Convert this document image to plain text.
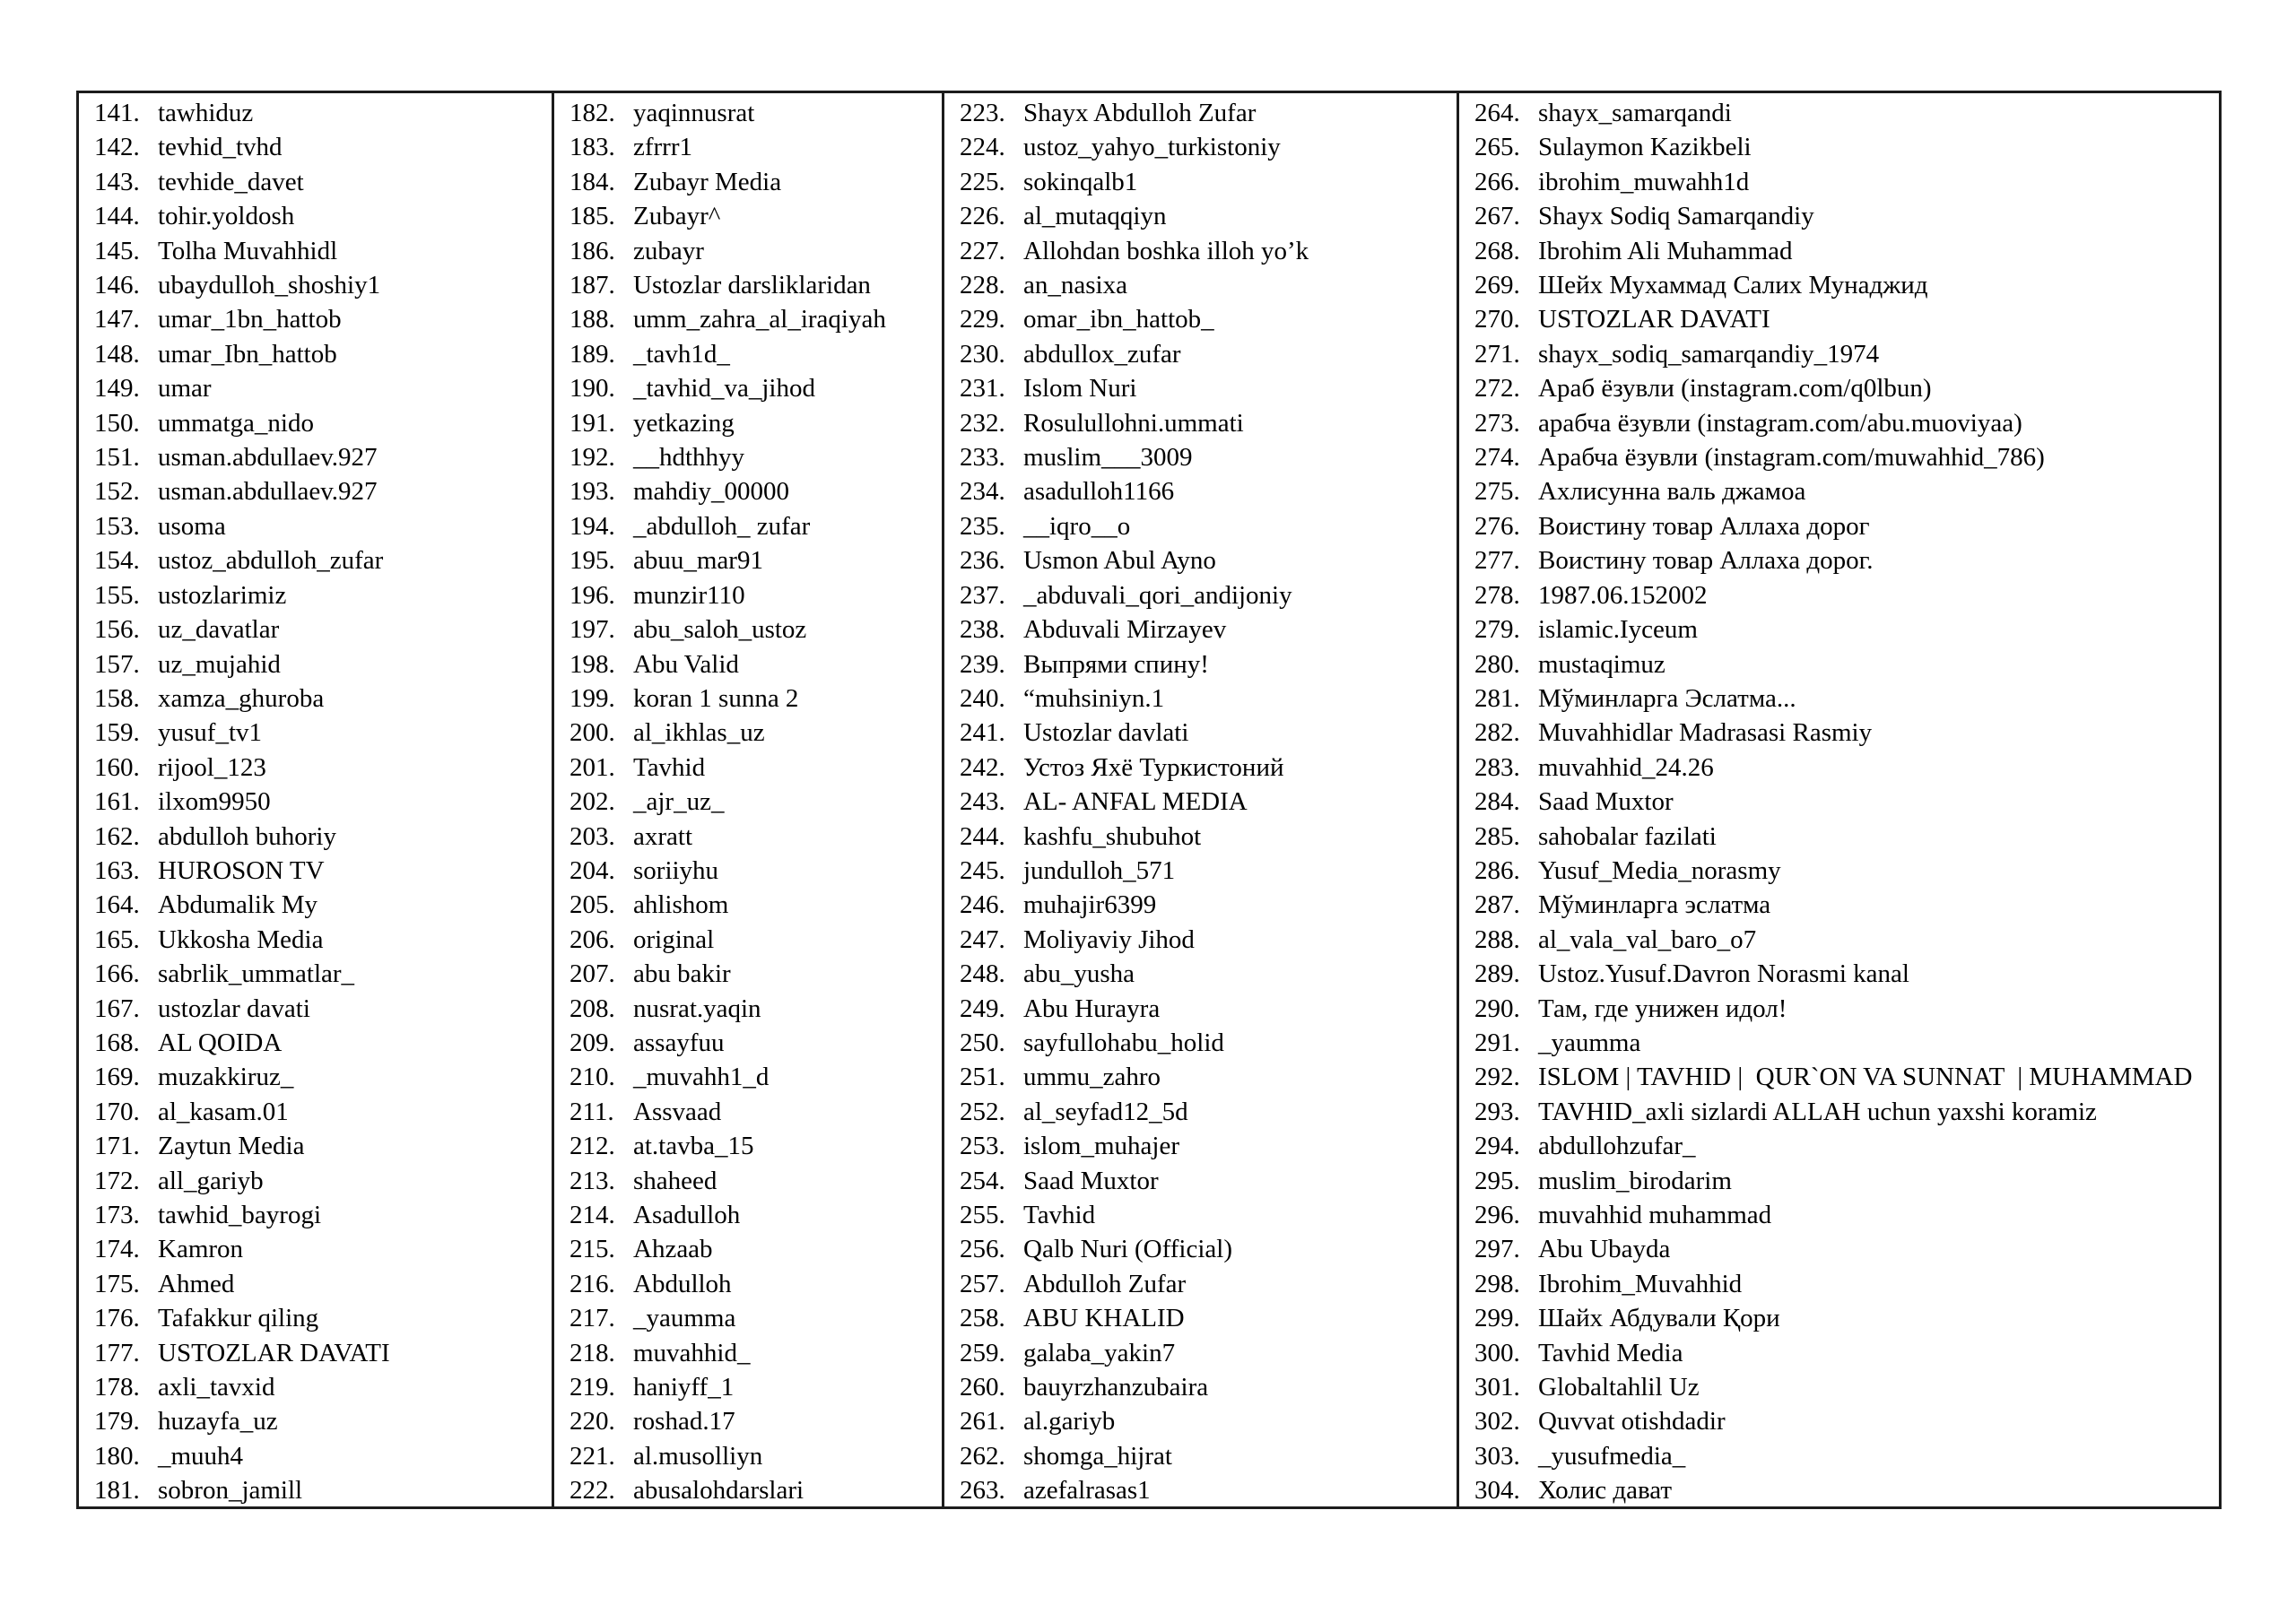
141. tawhiduz
142. tevhid_tvhd
143. tevhide_davet
144. tohir.yoldosh
145. Tolha Muvahhidl
146. ubaydulloh_shoshiy1
147. umar_1bn_hattob
148. umar_Ibn_hattob
149. umar
150. ummatga_nido
151. usman.abdullaev.927
152. usman.abdullaev.927
153. usoma
154. ustoz_abdulloh_zufar
155. ustozlarimiz
156. uz_davatlar
157. uz_mujahid
158. xamza_ghuroba
159. yusuf_tv1
160. rijool_123
161. ilxom9950
162. abdulloh buhoriy
163. HUROSON TV
164. Abdumalik My
165. Ukkosha Media
166. sabrlik_ummatlar_
167. ustozlar davati
168. AL QOIDA
169. muzakkiruz_
170. al_kasam.01
171. Zaytun Media
172. all_gariyb
173. tawhid_bayrogi
174. Kamron
175. Ahmed
176. Tafakkur qiling
177. USTOZLAR DAVATI
178. axli_tavxid
179. huzayfa_uz
180. _muuh4
181. sobron_jamill
182. yaqinnusrat
183. zfrrr1
184. Zubayr Media
185. Zubayr^
186. zubayr
187. Ustozlar darsliklaridan
188. umm_zahra_al_iraqiyah
189. _tavh1d_
190. _tavhid_va_jihod
191. yetkazing
192. __hdthhyy
193. mahdiy_00000
194. _abdulloh_ zufar
195. abuu_mar91
196. munzir110
197. abu_saloh_ustoz
198. Abu Valid
199. koran 1 sunna 2
200. al_ikhlas_uz
201. Tavhid
202. _ajr_uz_
203. axratt
204. soriiyhu
205. ahlishom
206. original
207. abu bakir
208. nusrat.yaqin
209. assayfuu
210. _muvahh1_d
211. Assvaad
212. at.tavba_15
213. shaheed
214. Asadulloh
215. Ahzaab
216. Abdulloh
217. _yaumma
218. muvahhid_
219. haniyff_1
220. roshad.17
221. al.musolliyn
222. abusalohdarslari
223. Shayx Abdulloh Zufar
224. ustoz_yahyo_turkistoniy
225. sokinqalb1
226. al_mutaqqiyn
227. Allohdan boshka illoh yo’k
228. an_nasixa
229. omar_ibn_hattob_
230. abdullox_zufar
231. Islom Nuri
232. Rosulullohni.ummati
233. muslim___3009
234. asadulloh1166
235. __iqro__o
236. Usmon Abul Ayno
237. _abduvali_qori_andijoniy
238. Abduvali Mirzayev
239. Выпрями спину!
240. “muhsiniyn.1
241. Ustozlar davlati
242. Устоз Яхё Туркистоний
243. AL- ANFAL MEDIA
244. kashfu_shubuhot
245. jundulloh_571
246. muhajir6399
247. Moliyaviy Jihod
248. abu_yusha
249. Abu Hurayra
250. sayfullohabu_holid
251. ummu_zahro
252. al_seyfad12_5d
253. islom_muhajer
254. Saad Muxtor
255. Tavhid
256. Qalb Nuri (Official)
257. Abdulloh Zufar
258. ABU KHALID
259. galaba_yakin7
260. bauyrzhanzubaira
261. al.gariyb
262. shomga_hijrat
263. azefalrasas1
264. shayx_samarqandi
265. Sulaymon Kazikbeli
266. ibrohim_muwahh1d
267. Shayx Sodiq Samarqandiy
268. Ibrohim Ali Muhammad
269. Шейх Мухаммад Салих Мунаджид
270. USTOZLAR DAVATI
271. shayx_sodiq_samarqandiy_1974
272. Араб ёзувли (instagram.com/q0lbun)
273. арабча ёзувли (instagram.com/abu.muoviyaa)
274. Арабча ёзувли (instagram.com/muwahhid_786)
275. Ахлисунна валь джамоа
276. Воистину товар Аллаха дорог
277. Воистину товар Аллаха дорог.
278. 1987.06.152002
279. islamic.Iyceum
280. mustaqimuz
281. Мўминларга Эслатма...
282. Muvahhidlar Madrasasi Rasmiy
283. muvahhid_24.26
284. Saad Muxtor
285. sahobalar fazilati
286. Yusuf_Media_norasmy
287. Мўминларга эслатма
288. al_vala_val_baro_o7
289. Ustoz.Yusuf.Davron Norasmi kanal
290. Там, где унижен идол!
291. _yaumma
292. ISLOM | TAVHID |  QUR`ON VA SUNNAT  | MUHAMMAD
293. TAVHID_axli sizlardi ALLAH uchun yaxshi koramiz
294. abdullohzufar_
295. muslim_birodarim
296. muvahhid muhammad
297. Abu Ubayda
298. Ibrohim_Muvahhid
299. Шайх Абдували Қори
300. Tavhid Media
301. Globaltahlil Uz
302. Quvvat otishdadir
303. _yusufmedia_
304. Холис дават
